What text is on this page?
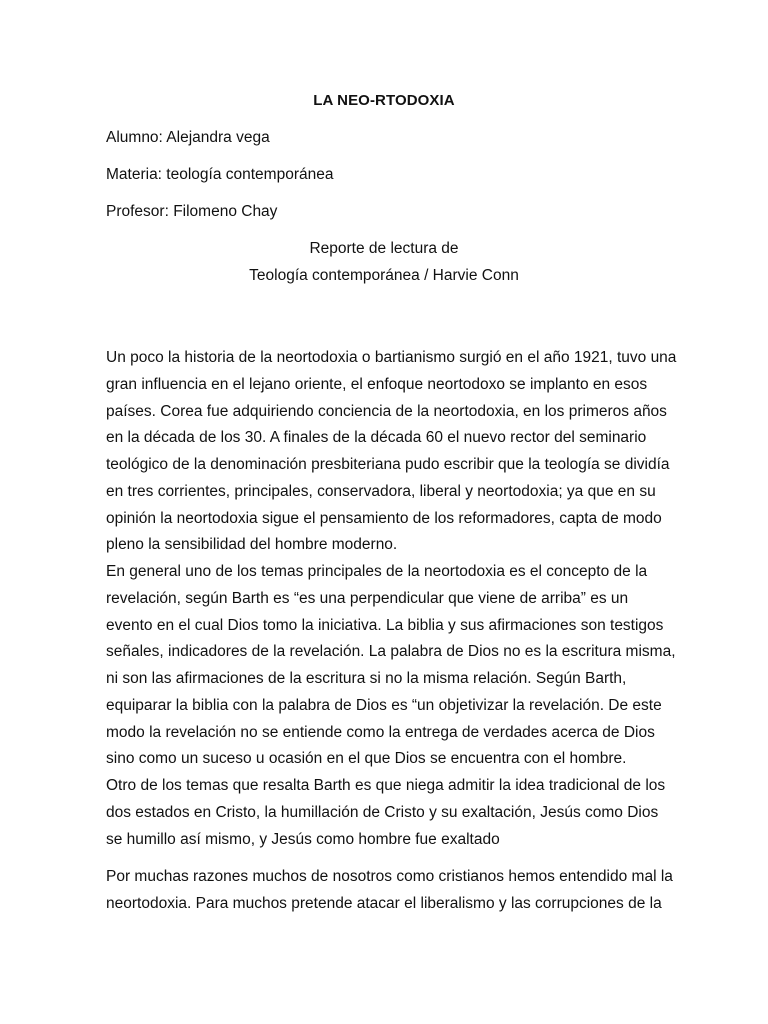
LA NEO-RTODOXIA
Alumno: Alejandra vega
Materia: teología contemporánea
Profesor: Filomeno Chay
Reporte de lectura de
Teología contemporánea / Harvie Conn
Un poco la historia de la neortodoxia o bartianismo surgió en el año 1921, tuvo una
gran influencia en el lejano oriente, el enfoque neortodoxo se implanto en esos
países. Corea fue adquiriendo conciencia de la neortodoxia, en los primeros años
en la década de los 30. A finales de la década 60 el nuevo rector del seminario
teológico de la denominación presbiteriana pudo escribir que la teología se dividía
en tres corrientes, principales, conservadora, liberal y neortodoxia; ya que en su
opinión la neortodoxia sigue el pensamiento de los reformadores, capta de modo
pleno la sensibilidad del hombre moderno.
En general uno de los temas principales de la neortodoxia es el concepto de la
revelación, según Barth es “es una perpendicular que viene de arriba” es un
evento en el cual Dios tomo la iniciativa. La biblia y sus afirmaciones son testigos
señales, indicadores de la revelación. La palabra de Dios no es la escritura misma,
ni son las afirmaciones de la escritura si no la misma relación. Según Barth,
equiparar la biblia con la palabra de Dios es “un objetivizar la revelación. De este
modo la revelación no se entiende como la entrega de verdades acerca de Dios
sino como un suceso u ocasión en el que Dios se encuentra con el hombre.
Otro de los temas que resalta Barth es que niega admitir la idea tradicional de los
dos estados en Cristo, la humillación de Cristo y su exaltación, Jesús como Dios
se humillo así mismo, y Jesús como hombre fue exaltado
Por muchas razones muchos de nosotros como cristianos hemos entendido mal la
neortodoxia. Para muchos pretende atacar el liberalismo y las corrupciones de la
